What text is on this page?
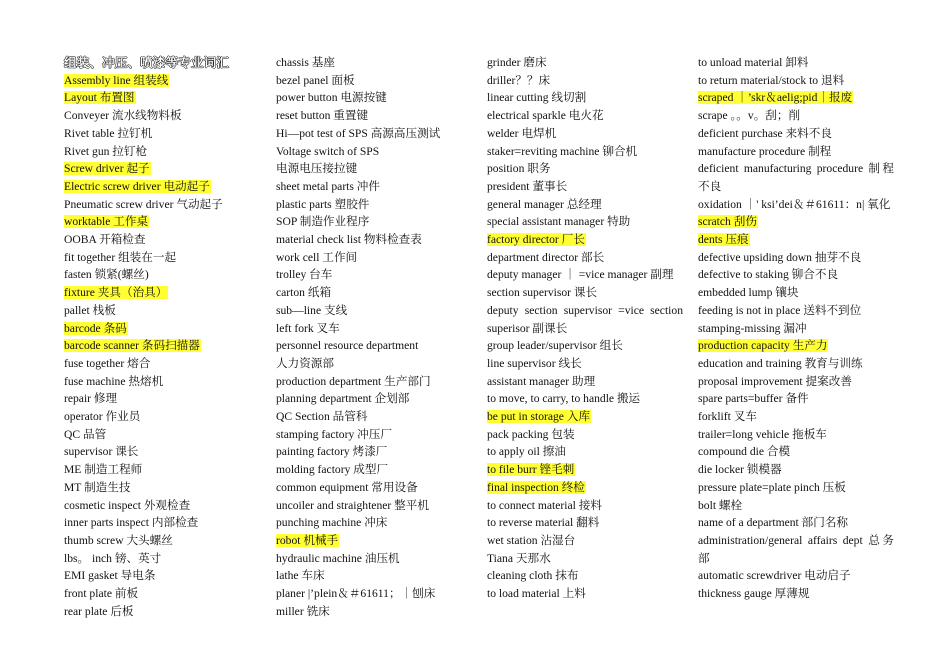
组装、冲压、喷漆等专业词汇
Assembly line 组装线
Layout 布置图
Conveyer 流水线物料板
Rivet table 拉钉机
Rivet gun 拉钉枪
Screw driver 起子
Electric screw driver 电动起子
Pneumatic screw driver 气动起子
worktable 工作桌
OOBA 开箱检查
fit together 组装在一起
fasten 锁紧(螺丝)
fixture 夹具（治具）
pallet 栈板
barcode 条码
barcode scanner 条码扫描器
fuse together 熔合
fuse machine 热熔机
repair 修理
operator 作业员
QC 品管
supervisor 课长
ME 制造工程师
MT 制造生技
cosmetic inspect 外观检查
inner parts inspect 内部检查
thumb screw 大头螺丝
lbs。 inch 镑、英寸
EMI gasket 导电条
front plate 前板
rear plate 后板
chassis 基座
bezel panel 面板
power button 电源按键
reset button 重置键
Hi—pot test of SPS 高源高压测试
Voltage switch of SPS
电源电压接拉键
sheet metal parts 冲件
plastic parts 塑胶件
SOP 制造作业程序
material check list 物料检查表
work cell 工作间
trolley 台车
carton 纸箱
sub—line 支线
left fork 叉车
personnel resource department
人力资源部
production department 生产部门
planning department 企划部
QC Section 品管科
stamping factory 冲压厂
painting factory 烤漆厂
molding factory 成型厂
common equipment 常用设备
uncoiler and straightener 整平机
punching machine 冲床
robot 机械手
hydraulic machine 油压机
lathe 车床
planer |’plein＆＃61611；｜刨床
miller 铣床
grinder 磨床
driller？？床
linear cutting 线切割
electrical sparkle 电火花
welder 电焊机
staker=reviting machine 铆合机
position 职务
president 董事长
general manager 总经理
special assistant manager 特助
factory director 厂长
department director 部长
deputy manager ｜ =vice manager 副理
section supervisor 课长
deputy section supervisor =vice section superisor 副课长
group leader/supervisor 组长
line supervisor 线长
assistant manager 助理
to move, to carry, to handle 搬运
be put in storage 入库
pack packing 包装
to apply oil 擦油
to file burr 锉毛刺
final inspection 终检
to connect material 接料
to reverse material 翻料
wet station 沾湿台
Tiana 天那水
cleaning cloth 抹布
to load material 上料
to unload material 卸料
to return material/stock to 退料
scraped ｜’skr＆aelig;pid｜报废
scrape 。。v。刮；削
deficient purchase 来料不良
manufacture procedure 制程
deficient manufacturing procedure 制程不良
oxidation ｜' ksi’dei＆＃61611：n| 氧化
scratch 刮伤
dents 压痕
defective upsiding down 抽芽不良
defective to staking 铆合不良
embedded lump 镶块
feeding is not in place 送料不到位
stamping-missing 漏冲
production capacity 生产力
education and training 教育与训练
proposal improvement 提案改善
spare parts=buffer 备件
forklift 叉车
trailer=long vehicle 拖板车
compound die 合模
die locker 锁模器
pressure plate=plate pinch 压板
bolt 螺栓
name of a department 部门名称
administration/general affairs dept 总务部
automatic screwdriver 电动启子
thickness gauge 厚薄规
